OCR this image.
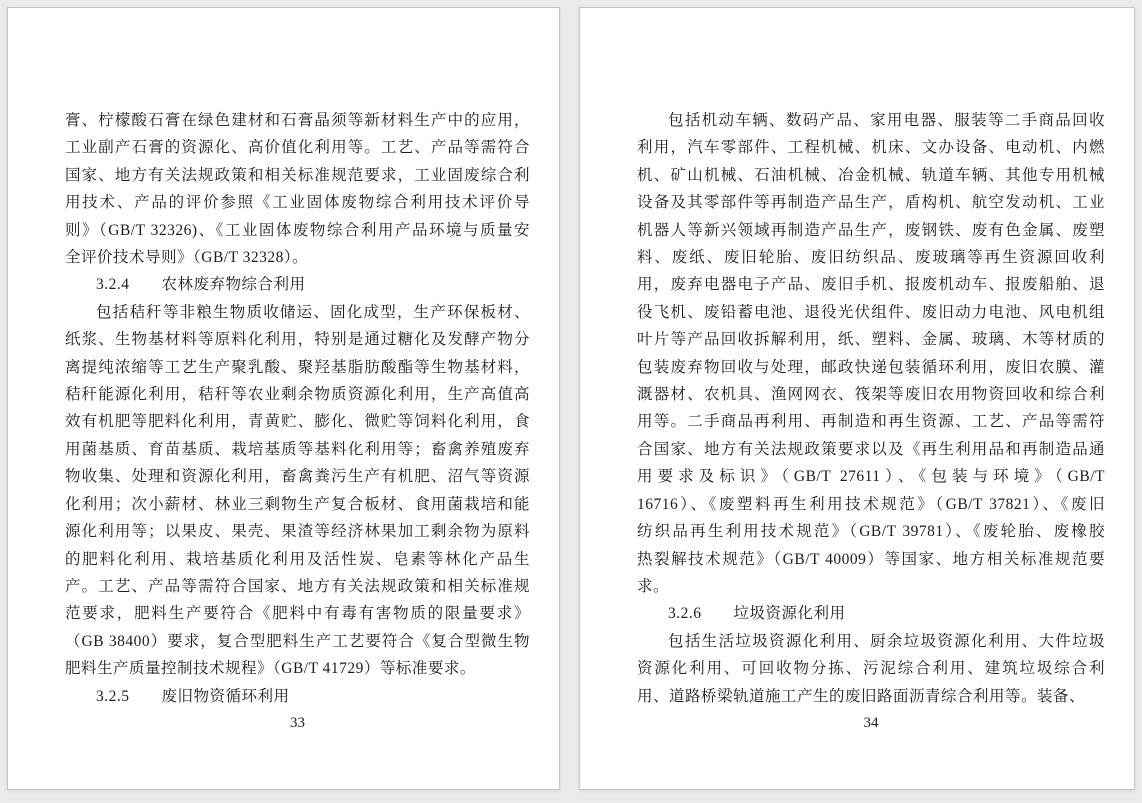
膏、柠檬酸石膏在绿色建材和石膏晶须等新材料生产中的应用，
工业副产石膏的资源化、高价值化利用等。工艺、产品等需符合
国家、地方有关法规政策和相关标准规范要求，工业固废综合利
用技术、产品的评价参照《工业固体废物综合利用技术评价导
则》（GB/T 32326)、《工业固体废物综合利用产品环境与质量安
全评价技术导则》（GB/T 32328）。
3.2.4 农林废弃物综合利用
包括秸秆等非粮生物质收储运、固化成型，生产环保板材、
纸浆、生物基材料等原料化利用，特别是通过糖化及发酵产物分
离提纯浓缩等工艺生产聚乳酸、聚羟基脂肪酸酯等生物基材料，
秸秆能源化利用，秸秆等农业剩余物质资源化利用，生产高值高
效有机肥等肥料化利用，青黄贮、膨化、微贮等饲料化利用，食
用菌基质、育苗基质、栽培基质等基料化利用等；畜禽养殖废弃
物收集、处理和资源化利用，畜禽粪污生产有机肥、沼气等资源
化利用；次小薪材、林业三剩物生产复合板材、食用菌栽培和能
源化利用等；以果皮、果壳、果渣等经济林果加工剩余物为原料
的肥料化利用、栽培基质化利用及活性炭、皂素等林化产品生
产。工艺、产品等需符合国家、地方有关法规政策和相关标准规
范要求，肥料生产要符合《肥料中有毒有害物质的限量要求》
（GB 38400）要求，复合型肥料生产工艺要符合《复合型微生物
肥料生产质量控制技术规程》（GB/T 41729）等标准要求。
3.2.5 废旧物资循环利用
33
包括机动车辆、数码产品、家用电器、服装等二手商品回收
利用，汽车零部件、工程机械、机床、文办设备、电动机、内燃
机、矿山机械、石油机械、冶金机械、轨道车辆、其他专用机械
设备及其零部件等再制造产品生产，盾构机、航空发动机、工业
机器人等新兴领域再制造产品生产，废钢铁、废有色金属、废塑
料、废纸、废旧轮胎、废旧纺织品、废玻璃等再生资源回收利
用，废弃电器电子产品、废旧手机、报废机动车、报废船舶、退
役飞机、废铅蓄电池、退役光伏组件、废旧动力电池、风电机组
叶片等产品回收拆解利用，纸、塑料、金属、玻璃、木等材质的
包装废弃物回收与处理，邮政快递包装循环利用，废旧农膜、灌
溉器材、农机具、渔网网衣、筏架等废旧农用物资回收和综合利
用等。二手商品再利用、再制造和再生资源、工艺、产品等需符
合国家、地方有关法规政策要求以及《再生利用品和再制造品通
用要求及标识》（GB/T 27611）、《包装与环境》（GB/T
16716）、《废塑料再生利用技术规范》（GB/T 37821）、《废旧
纺织品再生利用技术规范》（GB/T 39781）、《废轮胎、废橡胶
热裂解技术规范》（GB/T 40009）等国家、地方相关标准规范要
求。
3.2.6 垃圾资源化利用
包括生活垃圾资源化利用、厨余垃圾资源化利用、大件垃圾
资源化利用、可回收物分拣、污泥综合利用、建筑垃圾综合利
用、道路桥梁轨道施工产生的废旧路面沥青综合利用等。装备、
34
